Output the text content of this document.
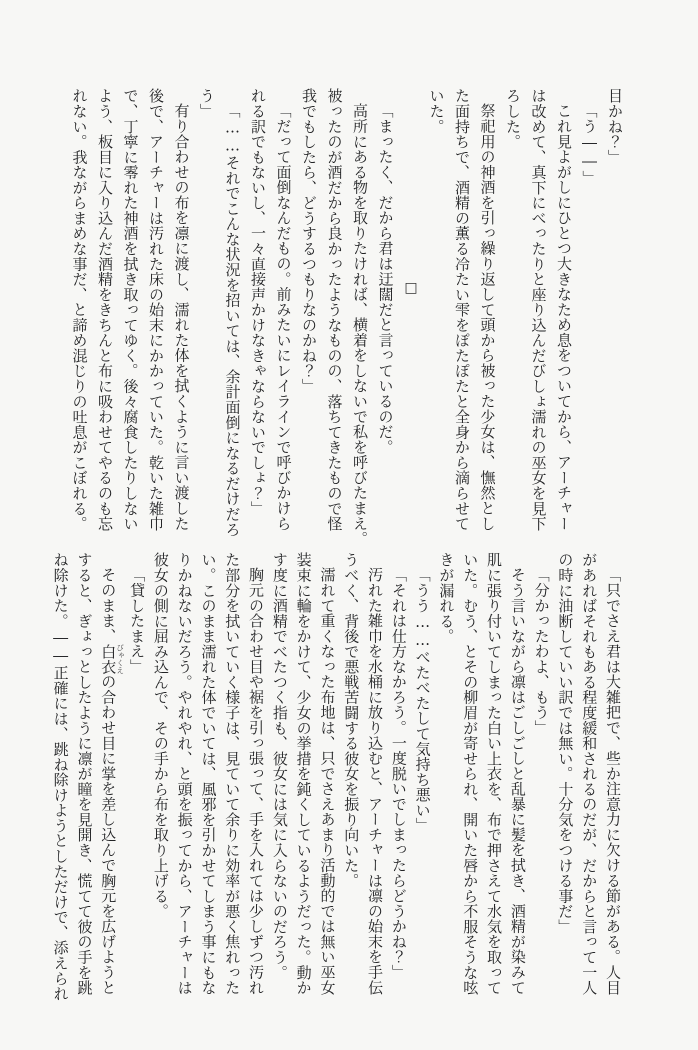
目かね？」

「う――」

これ見よがしにひとつ大きなため息をついてから、アーチャー

は改めて、真下にべったりと座り込んだびしょ濡れの巫女を見下

ろした。

祭祀用の神酒を引っ繰り返して頭から被った少女は、憮然とし

た面持ちで、酒精の薫る冷たい雫をぽたぽたと全身から滴らせて

いた。

□

「まったく、だから君は迂闊だと言っているのだ。

高所にある物を取りたければ、横着をしないで私を呼びたまえ。

被ったのが酒だから良かったようなものの、落ちてきたもので怪

我でもしたら、どうするつもりなのかね？」

「だって面倒なんだもの。前みたいにレイラインで呼びかけら

れる訳でもないし、一々直接声かけなきゃならないでしょ？」

「……それでこんな状況を招いては、余計面倒になるだけだろ

う」

有り合わせの布を凛に渡し、濡れた体を拭くように言い渡した

後で、アーチャーは汚れた床の始末にかかっていた。乾いた雑巾

で、丁寧に零れた神酒を拭き取ってゆく。後々腐食したりしない

よう、板目に入り込んだ酒精をきちんと布に吸わせてやるのも忘

れない。我ながらまめな事だ、と諦め混じりの吐息がこぼれる。

「只でさえ君は大雑把で、些か注意力に欠ける節がある。人目

があればそれもある程度緩和されるのだが、だからと言って一人

の時に油断していい訳では無い。十分気をつける事だ」

「分かったわよ、もう」

そう言いながら凛はごしごしと乱暴に髪を拭き、酒精が染みて

肌に張り付いてしまった白い上衣を、布で押さえて水気を取って

いた。むう、とその柳眉が寄せられ、開いた唇から不服そうな呟

きが漏れる。

「うう……べたべたして気持ち悪い」

「それは仕方なかろう。一度脱いでしまったらどうかね？」

汚れた雑巾を水桶に放り込むと、アーチャーは凛の始末を手伝

うべく、背後で悪戦苦闘する彼女を振り向いた。

濡れて重くなった布地は、只でさえあまり活動的では無い巫女

装束に輪をかけて、少女の挙措を鈍くしているようだった。動か

す度に酒精でべたつく指も、彼女には気に入らないのだろう。

胸元の合わせ目や裾を引っ張って、手を入れては少しずつ汚れ

た部分を拭いていく様子は、見ていて余りに効率が悪く焦れった

い。このまま濡れた体でいては、風邪を引かせてしまう事にもな

りかねないだろう。やれやれ、と頭を振ってから、アーチャーは

彼女の側に屈み込んで、その手から布を取り上げる。

「貸したまえ」

そのまま、白衣びゃくえの合わせ目に掌を差し込んで胸元を広げようと

すると、ぎょっとしたように凛が瞳を見開き、慌てて彼の手を跳

ね除けた。――正確には、跳ね除けようとしただけで、添えられ
